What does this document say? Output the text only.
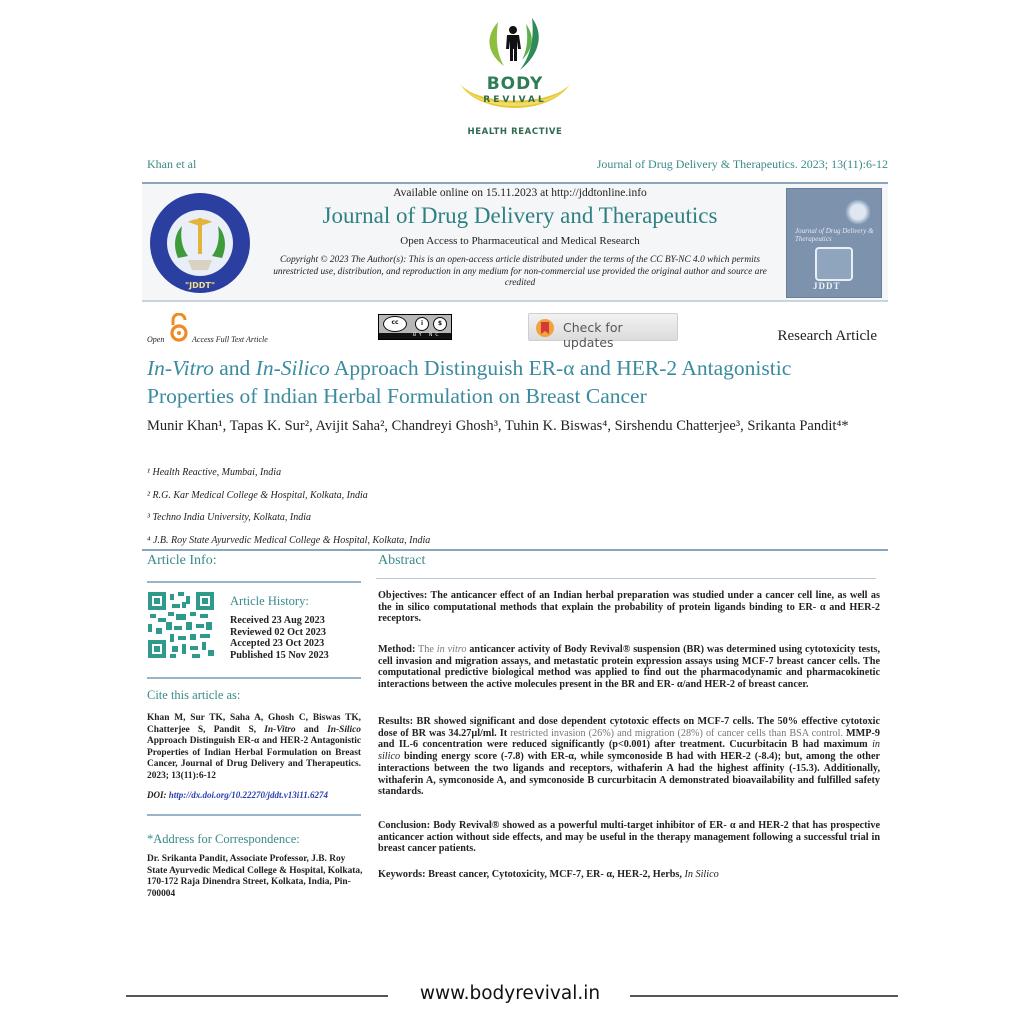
BODY
REVIVAL
HEALTH REACTIVE
Khan et al	Journal of Drug Delivery & Therapeutics. 2023; 13(11):6-12
"JDDT"
Available online on 15.11.2023 at http://jddtonline.info
Journal of Drug Delivery and Therapeutics
Open Access to Pharmaceutical and Medical Research
Copyright © 2023 The Author(s): This is an open-access article distributed under the terms of the CC BY-NC 4.0 which permits unrestricted use, distribution, and reproduction in any medium for non-commercial use provided the original author and source are credited
Journal of Drug Delivery & Therapeutics
JDDT
Open	Access Full Text Article
cc	i	$
BY NC
Check for updates	Research Article
In-Vitro and In-Silico Approach Distinguish ER-α and HER-2 Antagonistic Properties of Indian Herbal Formulation on Breast Cancer
Munir Khan¹, Tapas K. Sur², Avijit Saha², Chandreyi Ghosh³, Tuhin K. Biswas⁴, Sirshendu Chatterjee³, Srikanta Pandit⁴*
¹ Health Reactive, Mumbai, India
² R.G. Kar Medical College & Hospital, Kolkata, India
³ Techno India University, Kolkata, India
⁴ J.B. Roy State Ayurvedic Medical College & Hospital, Kolkata, India
Article Info:	Abstract
Article History:
Received 23 Aug 2023
Reviewed 02 Oct 2023
Accepted 23 Oct 2023
Published 15 Nov 2023
Cite this article as:
Khan M, Sur TK, Saha A, Ghosh C, Biswas TK, Chatterjee S, Pandit S, In-Vitro and In-Silico Approach Distinguish ER-α and HER-2 Antagonistic Properties of Indian Herbal Formulation on Breast Cancer, Journal of Drug Delivery and Therapeutics. 2023; 13(11):6-12
DOI: http://dx.doi.org/10.22270/jddt.v13i11.6274
*Address for Correspondence:
Dr. Srikanta Pandit, Associate Professor, J.B. Roy State Ayurvedic Medical College & Hospital, Kolkata, 170-172 Raja Dinendra Street, Kolkata, India, Pin-700004
Objectives: The anticancer effect of an Indian herbal preparation was studied under a cancer cell line, as well as the in silico computational methods that explain the probability of protein ligands binding to ER- α and HER-2 receptors.
Method: The in vitro anticancer activity of Body Revival® suspension (BR) was determined using cytotoxicity tests, cell invasion and migration assays, and metastatic protein expression assays using MCF-7 breast cancer cells. The computational predictive biological method was applied to find out the pharmacodynamic and pharmacokinetic interactions between the active molecules present in the BR and ER- α/and HER-2 of breast cancer.
Results: BR showed significant and dose dependent cytotoxic effects on MCF-7 cells. The 50% effective cytotoxic dose of BR was 34.27µl/ml. It restricted invasion (26%) and migration (28%) of cancer cells than BSA control. MMP-9 and IL-6 concentration were reduced significantly (p<0.001) after treatment. Cucurbitacin B had maximum in silico binding energy score (-7.8) with ER-α, while symconoside B had with HER-2 (-8.4); but, among the other interactions between the two ligands and receptors, withaferin A had the highest affinity (-15.3). Additionally, withaferin A, symconoside A, and symconoside B curcurbitacin A demonstrated bioavailability and fulfilled safety standards.
Conclusion: Body Revival® showed as a powerful multi-target inhibitor of ER- α and HER-2 that has prospective anticancer action without side effects, and may be useful in the therapy management following a successful trial in breast cancer patients.
Keywords: Breast cancer, Cytotoxicity, MCF-7, ER- α, HER-2, Herbs, In Silico
www.bodyrevival.in
